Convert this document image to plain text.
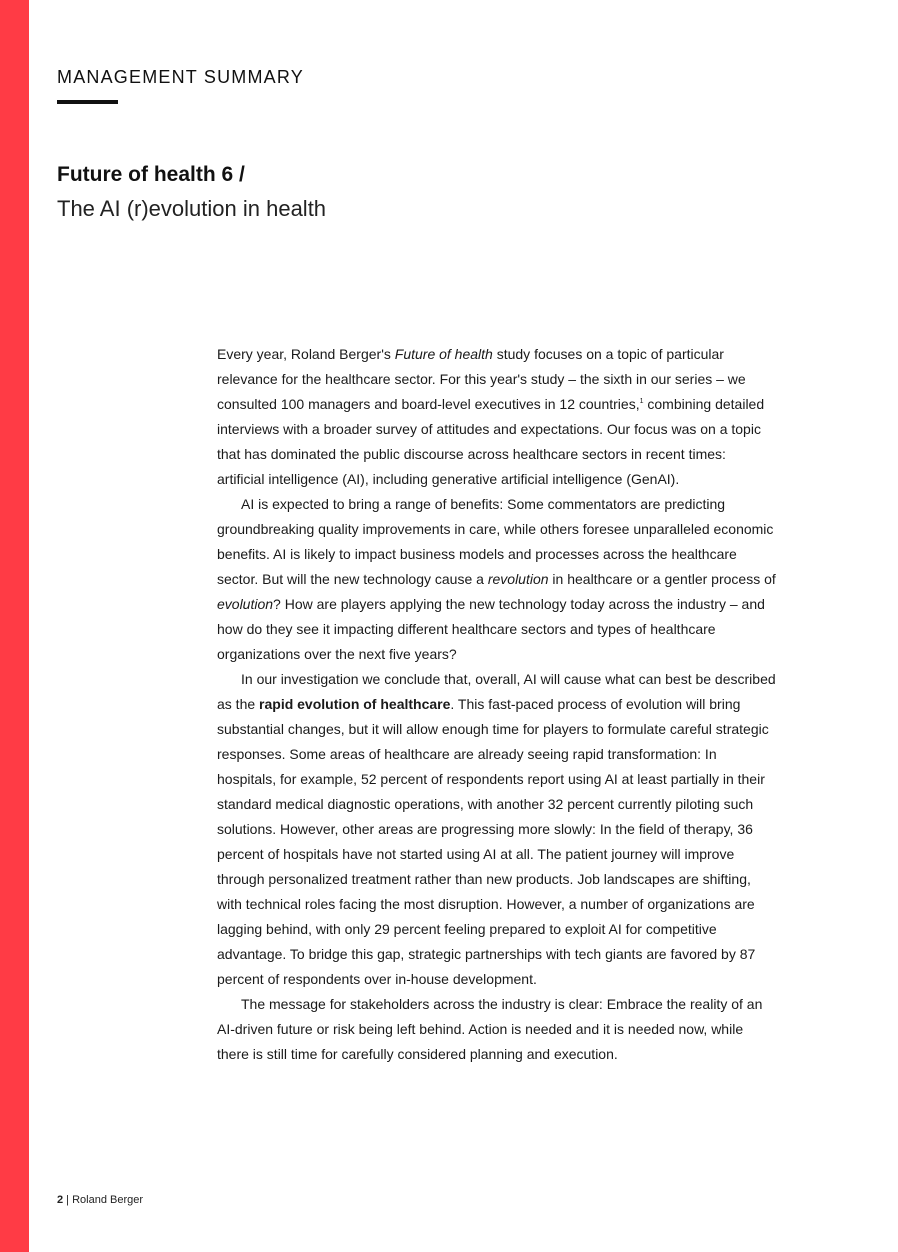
MANAGEMENT SUMMARY
Future of health 6 /
The AI (r)evolution in health

Every year, Roland Berger's Future of health study focuses on a topic of particular relevance for the healthcare sector. For this year's study – the sixth in our series – we consulted 100 managers and board-level executives in 12 countries,$^1$ combining detailed interviews with a broader survey of attitudes and expectations. Our focus was on a topic that has dominated the public discourse across healthcare sectors in recent times: artificial intelligence (AI), including generative artificial intelligence (GenAI).

AI is expected to bring a range of benefits: Some commentators are predicting groundbreaking quality improvements in care, while others foresee unparalleled economic benefits. AI is likely to impact business models and processes across the healthcare sector. But will the new technology cause a revolution in healthcare or a gentler process of evolution? How are players applying the new technology today across the industry – and how do they see it impacting different healthcare sectors and types of healthcare organizations over the next five years?

In our investigation we conclude that, overall, AI will cause what can best be described as the rapid evolution of healthcare. This fast-paced process of evolution will bring substantial changes, but it will allow enough time for players to formulate careful strategic responses. Some areas of healthcare are already seeing rapid transformation: In hospitals, for example, 52 percent of respondents report using AI at least partially in their standard medical diagnostic operations, with another 32 percent currently piloting such solutions. However, other areas are progressing more slowly: In the field of therapy, 36 percent of hospitals have not started using AI at all. The patient journey will improve through personalized treatment rather than new products. Job landscapes are shifting, with technical roles facing the most disruption. However, a number of organizations are lagging behind, with only 29 percent feeling prepared to exploit AI for competitive advantage. To bridge this gap, strategic partnerships with tech giants are favored by 87 percent of respondents over in-house development.

The message for stakeholders across the industry is clear: Embrace the reality of an AI-driven future or risk being left behind. Action is needed and it is needed now, while there is still time for carefully considered planning and execution.

2 | Roland Berger
